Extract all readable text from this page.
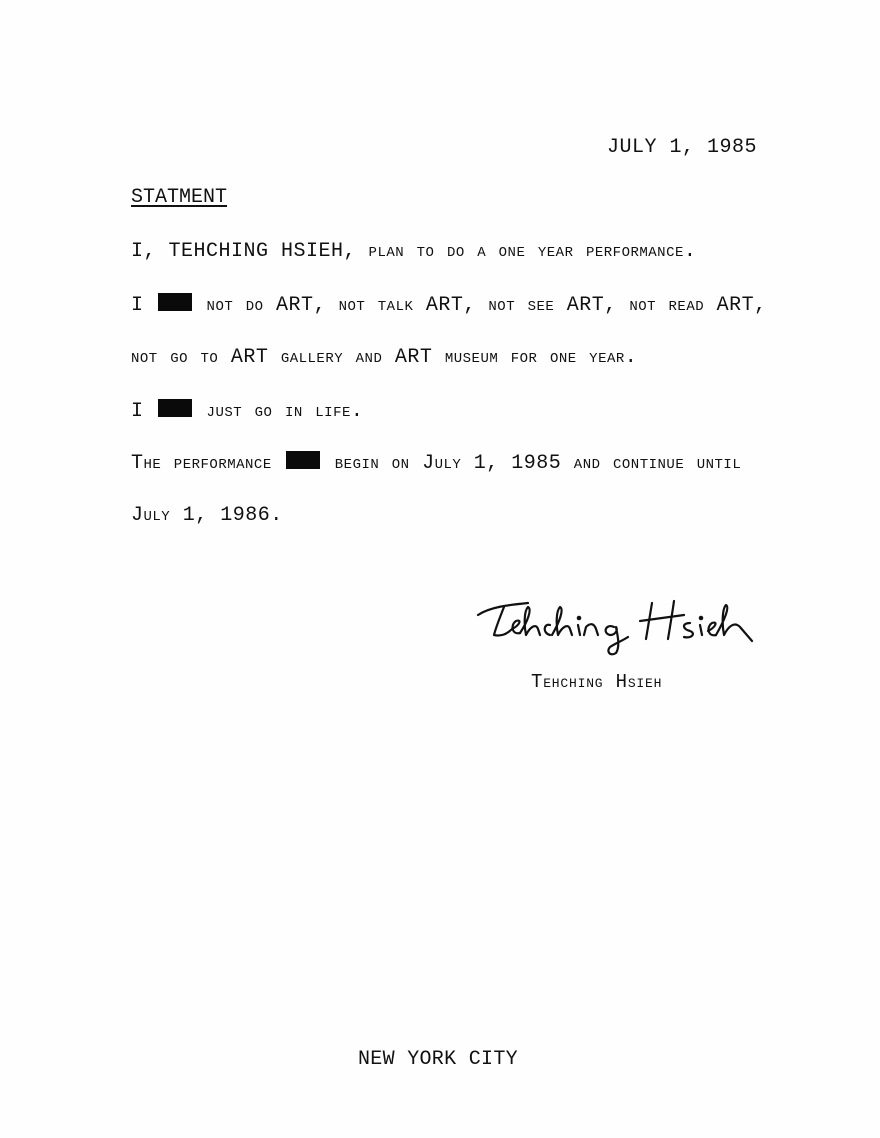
JULY 1, 1985
STATMENT
I, TEHCHING HSIEH, plan to do a one year performance.
I	not do ART, not talk ART, not see ART, not read ART,
not go to ART gallery and ART museum for one year.
I	just go in life.
The performance	begin on July 1, 1985 and continue until
July 1, 1986.
Tehching Hsieh
NEW YORK CITY
